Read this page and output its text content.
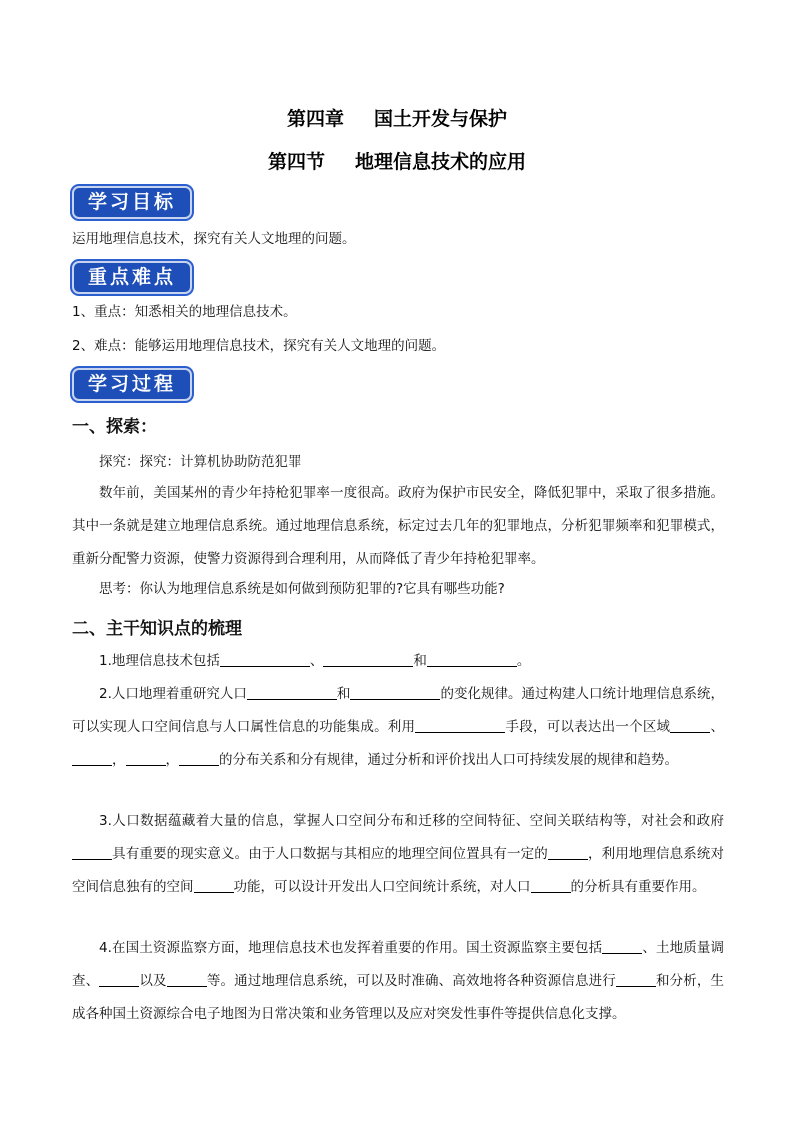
第四章 国土开发与保护
第四节 地理信息技术的应用
学习目标
运用地理信息技术，探究有关人文地理的问题。
重点难点
1、重点：知悉相关的地理信息技术。
2、难点：能够运用地理信息技术，探究有关人文地理的问题。
学习过程
一、探索：
探究：探究：计算机协助防范犯罪
数年前，美国某州的青少年持枪犯罪率一度很高。政府为保护市民安全，降低犯罪中，采取了很多措施。其中一条就是建立地理信息系统。通过地理信息系统，标定过去几年的犯罪地点，分析犯罪频率和犯罪模式，重新分配警力资源，使警力资源得到合理利用，从而降低了青少年持枪犯罪率。
思考：你认为地理信息系统是如何做到预防犯罪的?它具有哪些功能?
二、主干知识点的梳理
1.地理信息技术包括	、	和	。
2.人口地理着重研究人口	和	的变化规律。通过构建人口统计地理信息系统，可以实现人口空间信息与人口属性信息的功能集成。利用	手段，可以表达出一个区域	、，	，	的分布关系和分有规律，通过分析和评价找出人口可持续发展的规律和趋势。
3.人口数据蕴藏着大量的信息，掌握人口空间分布和迁移的空间特征、空间关联结构等，对社会和政府具有重要的现实意义。由于人口数据与其相应的地理空间位置具有一定的	，利用地理信息系统对空间信息独有的空间	功能，可以设计开发出人口空间统计系统，对人口	的分析具有重要作用。
4.在国土资源监察方面，地理信息技术也发挥着重要的作用。国土资源监察主要包括	、土地质量调查、	以及	等。通过地理信息系统，可以及时准确、高效地将各种资源信息进行	和分析，生成各种国土资源综合电子地图为日常决策和业务管理以及应对突发性事件等提供信息化支撑。
